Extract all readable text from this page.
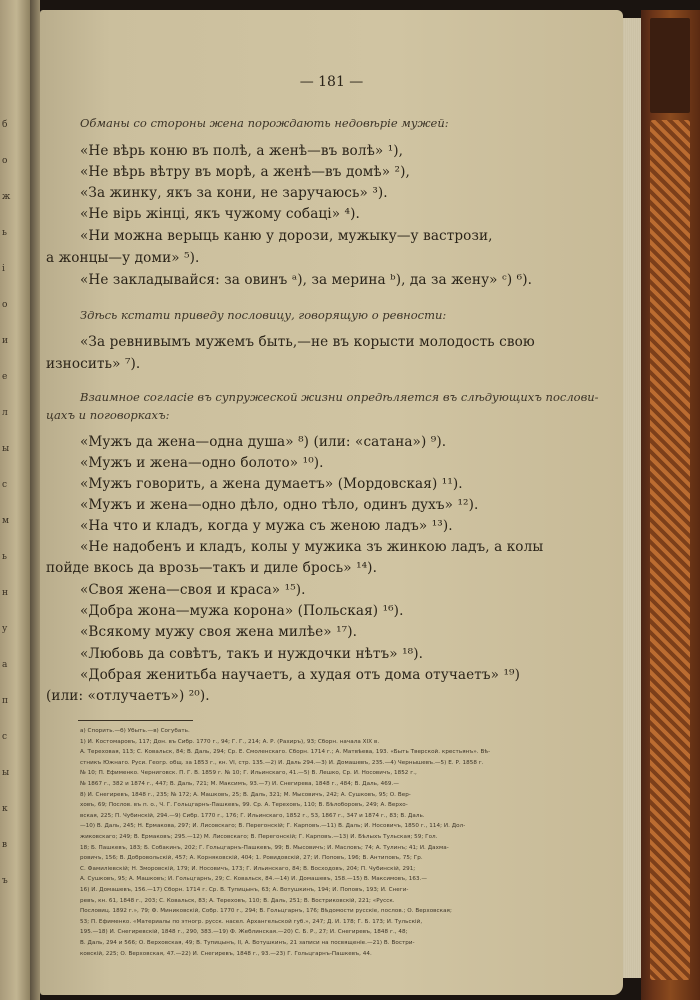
б
о
ж
ь
і
о
и
е
л
ы
с
м
ь
н
у
а
п
с
ы
к
в
ъ
— 181 —
Обманы со стороны жена порождають недовѣріе мужей:
«Не вѣрь коню въ полѣ, а женѣ—въ волѣ» ¹),
«Не вѣрь вѣтру въ морѣ, а женѣ—въ домѣ» ²),
«За жинку, якъ за кони, не заручаюсь» ³).
«Не вірь жінці, якъ чужому собаці» ⁴).
«Ни можна верыць каню у дорози, мужыку—у вастрози,
а жонцы—у доми» ⁵).
«Не закладывайся: за овинъ ᵃ), за мерина ᵇ), да за жену» ᶜ) ⁶).
Здѣсь кстати приведу пословицу, говорящую о ревности:
«За ревнивымъ мужемъ быть,—не въ корысти молодость свою
износить» ⁷).
Взаимное согласіе въ супружеской жизни опредѣляется въ слѣдующихъ послови-
цахъ и поговоркахъ:
«Мужъ да жена—одна душа» ⁸) (или: «сатана») ⁹).
«Мужъ и жена—одно болото» ¹⁰).
«Мужъ говорить, а жена думаетъ» (Мордовская) ¹¹).
«Мужъ и жена—одно дѣло, одно тѣло, одинъ духъ» ¹²).
«На что и кладъ, когда у мужа съ женою ладъ» ¹³).
«Не надобенъ и кладъ, колы у мужика зъ жинкою ладъ, а колы
пойде вкось да врозь—такъ и диле брось» ¹⁴).
«Своя жена—своя и краса» ¹⁵).
«Добра жона—мужа корона» (Польская) ¹⁶).
«Всякому мужу своя жена милѣе» ¹⁷).
«Любовь да совѣтъ, такъ и нуждочки нѣтъ» ¹⁸).
«Добрая женитьба научаетъ, а худая отъ дома отучаетъ» ¹⁹)
(или: «отлучаетъ») ²⁰).
а) Спорить.—б) Убыть.—в) Согубать.
1) И. Костомаровъ, 117; Дон. въ Сибр. 1770 г., 94; Г. Г., 214; А. Р. (Рахиръ), 93; Сборн. начала XIX в.
А. Тереховая, 113; С. Ковальск, 84; В. Даль, 294; Ср. Е. Смоленскаго. Сборн. 1714 г.; А. Матвѣева, 193. «Быть Тверской. крестьянъ». Вѣ-
стникъ Южнаго. Руси. Геогр. общ. за 1853 г., кн. VI, стр. 135.—2) И. Даль 294.—3) И. Домашевъ, 235.—4) Чернышевъ.—5) Е. Р. 1858 г.
№ 10; П. Ефименко. Черниговск. П. Г. В. 1859 г. № 10; Г. Ильинскаго, 41.—5) В. Лешко, Ср. И. Носовичъ, 1852 г.,
№ 1867 г., 382 и 1874 г., 447; В. Даль, 721; М. Максимъ, 93.—7) И. Снегирева, 1848 г., 484; В. Даль, 469.—
8) И. Снегиревъ, 1848 г., 235; № 172; А. Машковъ, 25; В. Даль, 321; М. Мысовичъ, 242; А. Сушковъ, 95; О. Вер-
ховъ, 69; Послов. въ п. о., Ч. Г. Гольцгарнъ-Пашкевъ, 99. Ср. А. Тереховъ, 110; В. Бѣлоборовъ, 249; А. Верхо-
вская, 225; П. Чубинскій, 294.—9) Сибр. 1770 г., 176; Г. Ильинскаго, 1852 г., 53, 1867 г., 347 и 1874 г., 83; В. Даль.
—10) В. Даль, 245; Н. Ермакова, 297; И. Лисовскаго; В. Перегонскій; Г. Карповъ.—11) В. Даль; И. Носовичъ, 1850 г., 114; И. Дол-
жиковскаго; 249; В. Ермаковъ; 295.—12) М. Лисовскаго; В. Перегонскій; Г. Карповъ.—13) И. Бѣлыхъ Тульская; 59; Гол.
18; Б. Пашкевъ, 183; Б. Собакинъ, 202; Г. Гольцгарнъ-Пашкевъ, 99; В. Мысовичъ; И. Масловъ; 74; А. Тулинъ; 41; И. Дахма-
ровичъ, 156; В. Добровольскій, 457; А. Корняковскій, 404; 1. Ровидовскій, 27; И. Поповъ, 196; В. Антиповъ, 75; Гр.
С. Фамиліевскій; Н. Зморовскій, 179; И. Носовичъ, 173; Г. Ильинскаго, 84; В. Восходовъ, 204; П. Чубинскій, 291;
А. Сушковъ, 95; А. Машковъ; И. Гольцгарнъ, 29; С. Ковальск, 84.—14) И. Домашевъ, 158.—15) В. Максимовъ, 163.—
16) И. Домашевъ, 156.—17) Сборн. 1714 г. Ср. В. Тупицынъ, 63; А. Вотушкинъ, 194; И. Поповъ, 193; И. Снеги-
ревъ, кн. 61, 1848 г., 203; С. Ковальск, 83; А. Тереховъ, 110; В. Даль, 251; В. Востриковскій, 221; «Русск.
Пословиц. 1892 г.», 79; Ф. Миниковскій, Собр. 1770 г., 294; В. Гольцгарнъ, 176; Вѣдомости русскіе, послов.; О. Верховская;
53; П. Ефименко. «Материалы по этногр. русск. насел. Архангельской губ.», 247; Д. И. 178; Г. Б. 173; И. Тульскій,
195.—18) И. Снегиревскій, 1848 г., 290, 383.—19) Ф. Жеблинская.—20) С. Б. Р., 27; И. Снегиревъ, 1848 г., 48;
В. Даль, 294 и 566; О. Верховская, 49; В. Тупицынъ, II, А. Вотушкинъ, 21 записи на посвященіе.—21) В. Востри-
ковскій, 225; О. Верховская, 47.—22) И. Снегиревъ, 1848 г., 93.—23) Г. Гольцгарнъ-Пашкевъ, 44.
